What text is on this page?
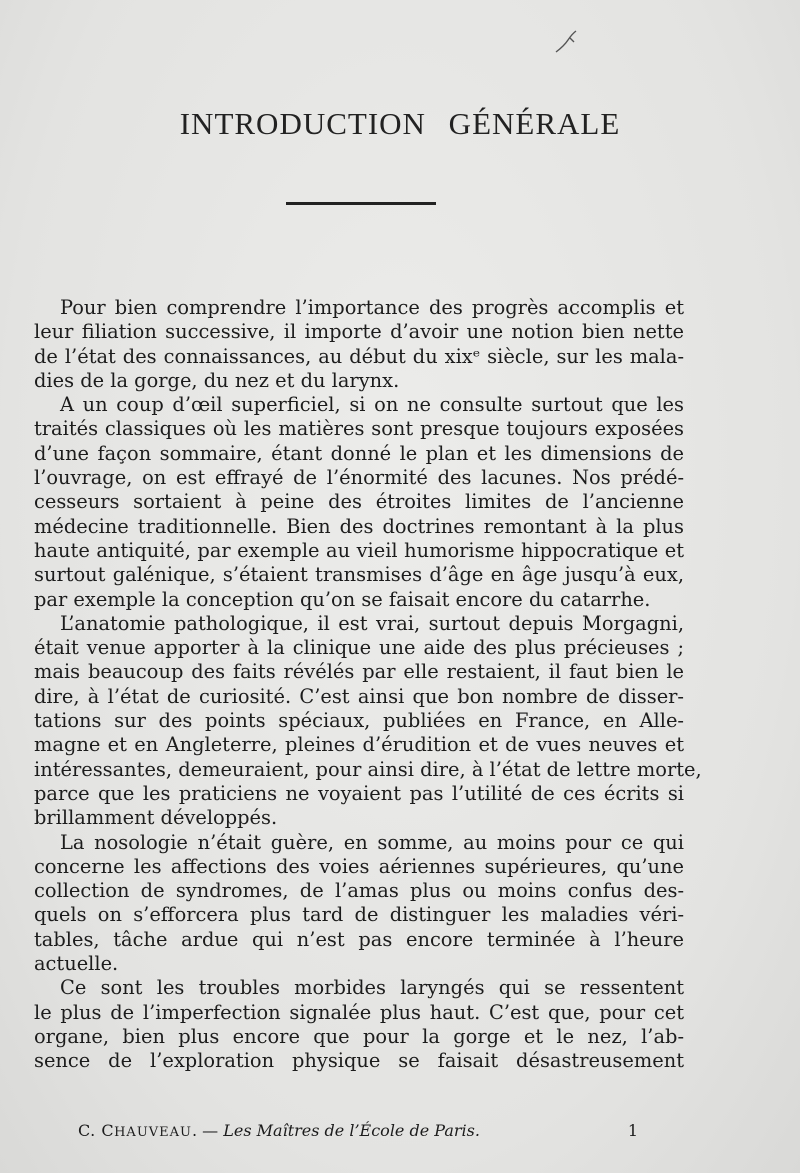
INTRODUCTION GÉNÉRALE
Pour bien comprendre l’importance des progrès accomplis et
leur filiation successive, il importe d’avoir une notion bien nette
de l’état des connaissances, au début du xixᵉ siècle, sur les mala-
dies de la gorge, du nez et du larynx.
A un coup d’œil superficiel, si on ne consulte surtout que les
traités classiques où les matières sont presque toujours exposées
d’une façon sommaire, étant donné le plan et les dimensions de
l’ouvrage, on est effrayé de l’énormité des lacunes. Nos prédé-
cesseurs sortaient à peine des étroites limites de l’ancienne
médecine traditionnelle. Bien des doctrines remontant à la plus
haute antiquité, par exemple au vieil humorisme hippocratique et
surtout galénique, s’étaient transmises d’âge en âge jusqu’à eux,
par exemple la conception qu’on se faisait encore du catarrhe.
L’anatomie pathologique, il est vrai, surtout depuis Morgagni,
était venue apporter à la clinique une aide des plus précieuses ;
mais beaucoup des faits révélés par elle restaient, il faut bien le
dire, à l’état de curiosité. C’est ainsi que bon nombre de disser-
tations sur des points spéciaux, publiées en France, en Alle-
magne et en Angleterre, pleines d’érudition et de vues neuves et
intéressantes, demeuraient, pour ainsi dire, à l’état de lettre morte,
parce que les praticiens ne voyaient pas l’utilité de ces écrits si
brillamment développés.
La nosologie n’était guère, en somme, au moins pour ce qui
concerne les affections des voies aériennes supérieures, qu’une
collection de syndromes, de l’amas plus ou moins confus des-
quels on s’efforcera plus tard de distinguer les maladies véri-
tables, tâche ardue qui n’est pas encore terminée à l’heure
actuelle.
Ce sont les troubles morbides laryngés qui se ressentent
le plus de l’imperfection signalée plus haut. C’est que, pour cet
organe, bien plus encore que pour la gorge et le nez, l’ab-
sence de l’exploration physique se faisait désastreusement
C. CHAUVEAU. — Les Maîtres de l’École de Paris.	1
